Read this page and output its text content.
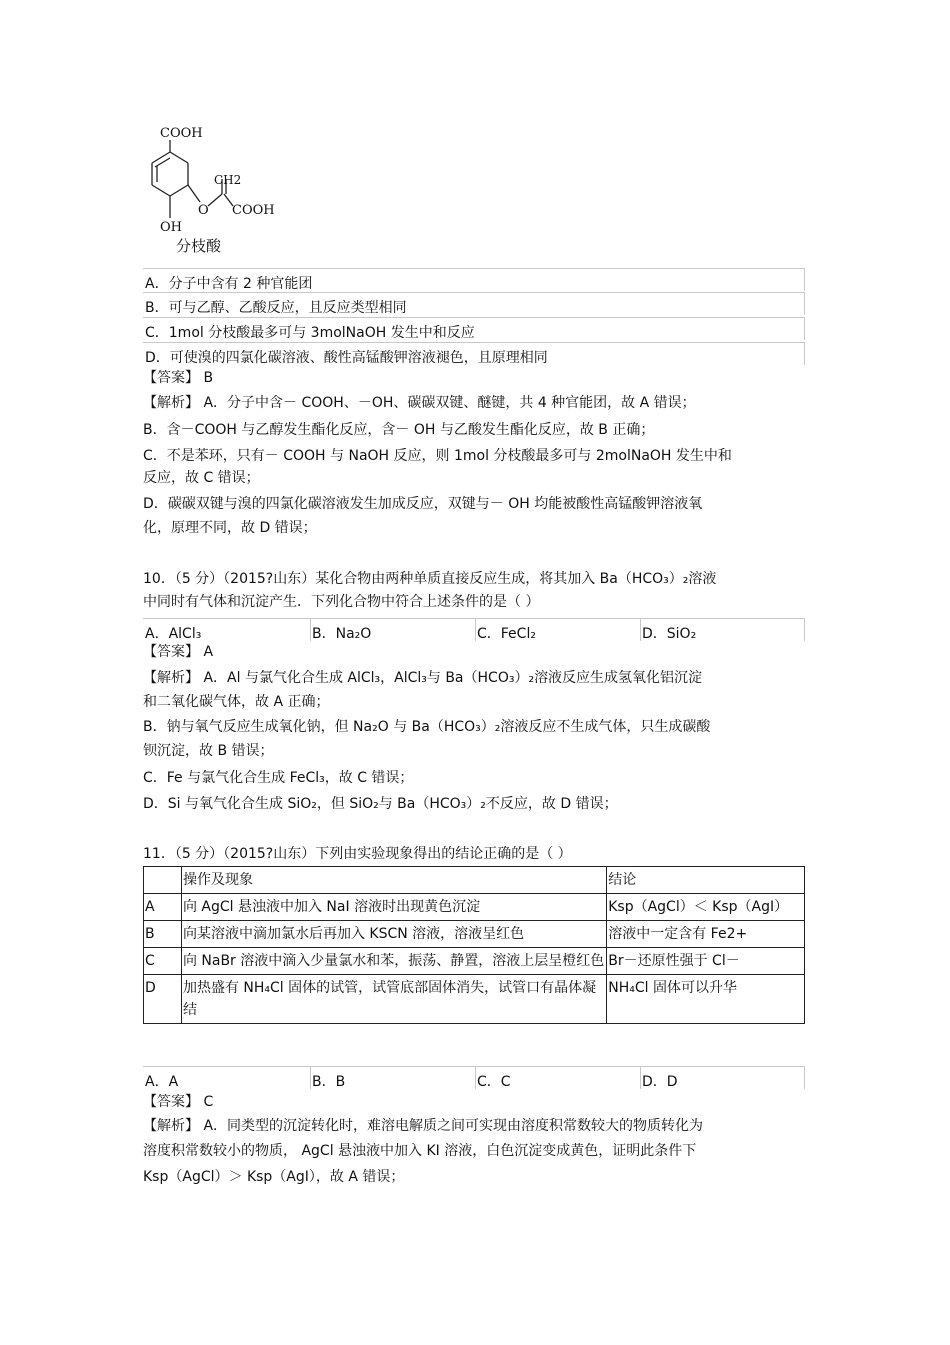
COOH
CH2
O COOH
OH
分枝酸
A．分子中含有 2 种官能团
B．可与乙醇、乙酸反应，且反应类型相同
C．1mol 分枝酸最多可与 3molNaOH 发生中和反应
D．可使溴的四氯化碳溶液、酸性高锰酸钾溶液褪色，且原理相同
【答案】 B
【解析】 A．分子中含－ COOH、－OH、碳碳双键、醚键，共 4 种官能团，故 A 错误；
B．含－COOH 与乙醇发生酯化反应，含－ OH 与乙酸发生酯化反应，故 B 正确；
C．不是苯环，只有－ COOH 与 NaOH 反应，则 1mol 分枝酸最多可与 2molNaOH 发生中和
反应，故 C 错误；
D．碳碳双键与溴的四氯化碳溶液发生加成反应，双键与－ OH 均能被酸性高锰酸钾溶液氧
化，原理不同，故 D 错误；
10．（5 分）（2015?山东）某化合物由两种单质直接反应生成，将其加入 Ba（HCO₃）₂溶液
中同时有气体和沉淀产生．下列化合物中符合上述条件的是（ ）
A．AlCl₃	B．Na₂O	C．FeCl₂	D．SiO₂
【答案】 A
【解析】 A．Al 与氯气化合生成 AlCl₃，AlCl₃与 Ba（HCO₃）₂溶液反应生成氢氧化铝沉淀
和二氧化碳气体，故 A 正确；
B．钠与氧气反应生成氧化钠，但 Na₂O 与 Ba（HCO₃）₂溶液反应不生成气体，只生成碳酸
钡沉淀，故 B 错误；
C．Fe 与氯气化合生成 FeCl₃，故 C 错误；
D．Si 与氧气化合生成 SiO₂，但 SiO₂与 Ba（HCO₃）₂不反应，故 D 错误；
11．（5 分）（2015?山东）下列由实验现象得出的结论正确的是（ ）
	操作及现象	结论
A	向 AgCl 悬浊液中加入 NaI 溶液时出现黄色沉淀	Ksp（AgCl）＜ Ksp（AgI）
B	向某溶液中滴加氯水后再加入 KSCN 溶液，溶液呈红色	溶液中一定含有 Fe2+
C	向 NaBr 溶液中滴入少量氯水和苯，振荡、静置，溶液上层呈橙红色	Br－还原性强于 Cl－
D	加热盛有 NH₄Cl 固体的试管，试管底部固体消失，试管口有晶体凝结	NH₄Cl 固体可以升华
A．A	B．B	C．C	D．D
【答案】 C
【解析】 A．同类型的沉淀转化时，难溶电解质之间可实现由溶度积常数较大的物质转化为
溶度积常数较小的物质， AgCl 悬浊液中加入 KI 溶液，白色沉淀变成黄色，证明此条件下
Ksp（AgCl）＞ Ksp（AgI），故 A 错误；
